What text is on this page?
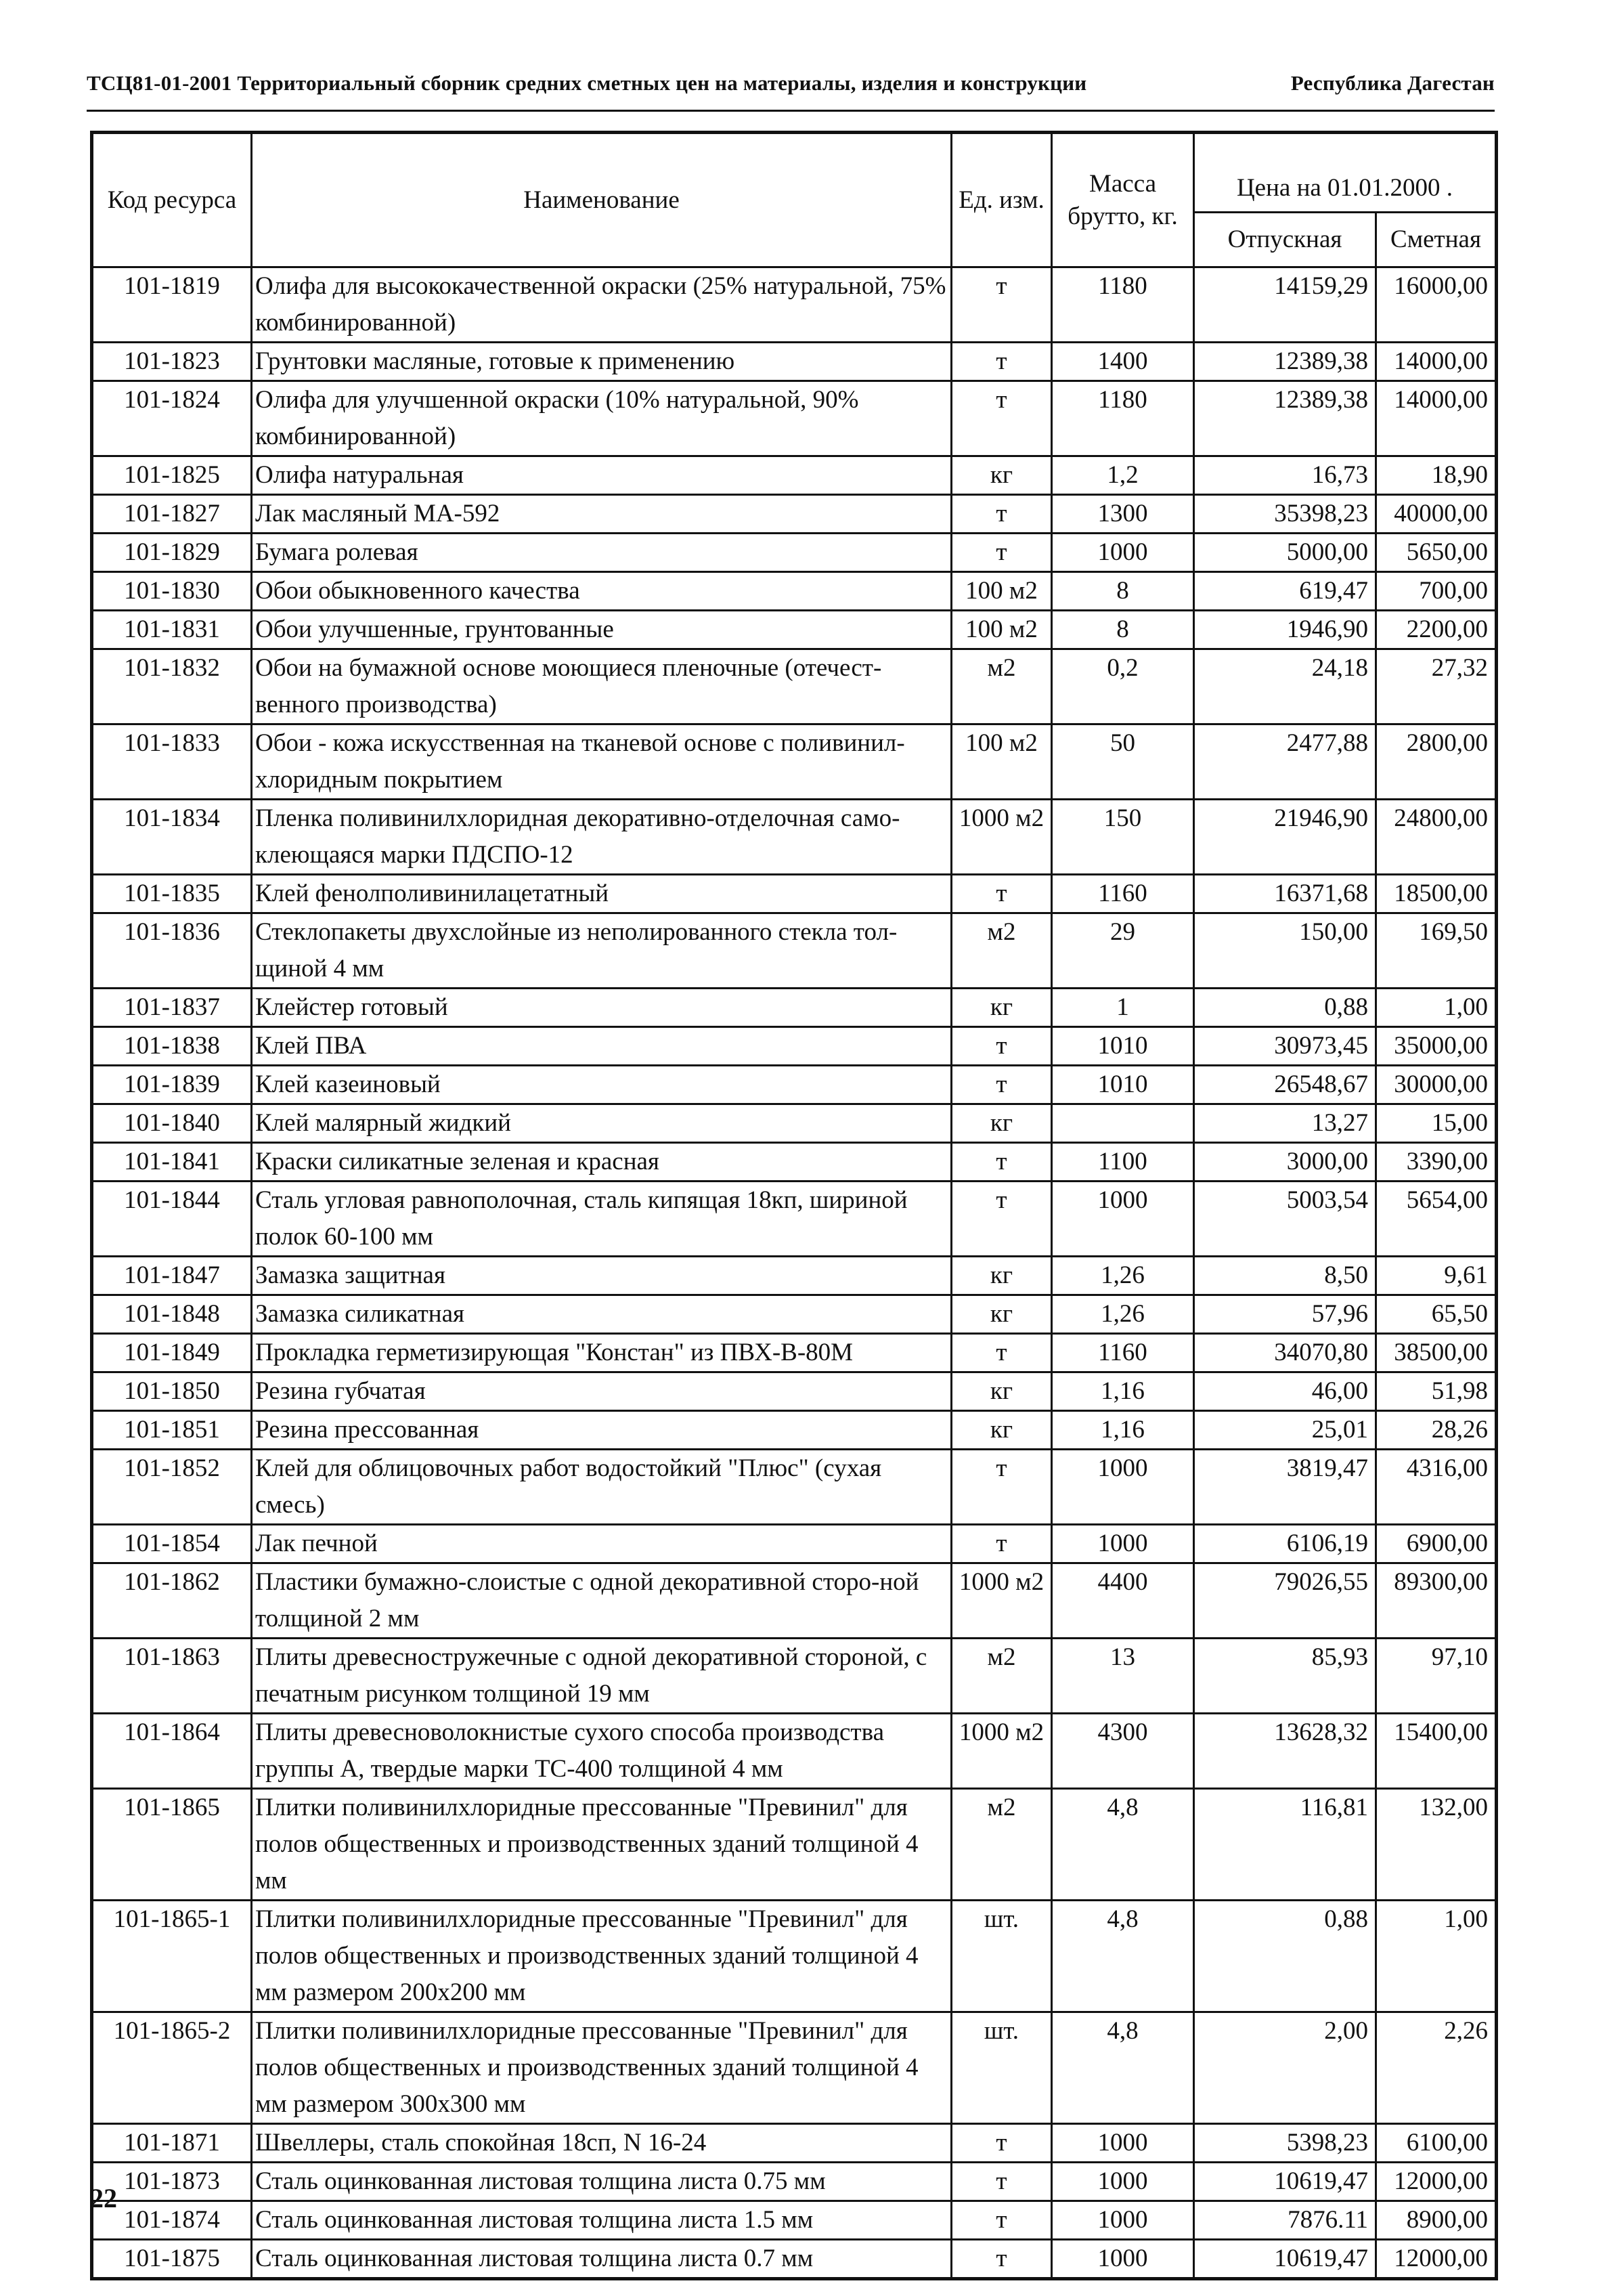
ТСЦ81-01-2001 Территориальный сборник средних сметных цен на материалы, изделия и конструкции	Республика Дагестан
Код ресурса	Наименование	Ед. изм.	Масса брутто, кг.	Цена на 01.01.2000 .	
				Отпускная	Сметная
101-1819	Олифа для высококачественной окраски (25% натуральной, 75% комбинированной)	т	1180	14159,29	16000,00
101-1823	Грунтовки масляные, готовые к применению	т	1400	12389,38	14000,00
101-1824	Олифа для улучшенной окраски (10% натуральной, 90% комбинированной)	т	1180	12389,38	14000,00
101-1825	Олифа натуральная	кг	1,2	16,73	18,90
101-1827	Лак масляный МА-592	т	1300	35398,23	40000,00
101-1829	Бумага ролевая	т	1000	5000,00	5650,00
101-1830	Обои обыкновенного качества	100 м2	8	619,47	700,00
101-1831	Обои улучшенные, грунтованные	100 м2	8	1946,90	2200,00
101-1832	Обои на бумажной основе моющиеся пленочные (отечест-венного производства)	м2	0,2	24,18	27,32
101-1833	Обои - кожа искусственная на тканевой основе с поливинил-хлоридным покрытием	100 м2	50	2477,88	2800,00
101-1834	Пленка поливинилхлоридная декоративно-отделочная само-клеющаяся марки ПДСПО-12	1000 м2	150	21946,90	24800,00
101-1835	Клей фенолполивинилацетатный	т	1160	16371,68	18500,00
101-1836	Стеклопакеты двухслойные из неполированного стекла тол-щиной 4 мм	м2	29	150,00	169,50
101-1837	Клейстер готовый	кг	1	0,88	1,00
101-1838	Клей ПВА	т	1010	30973,45	35000,00
101-1839	Клей казеиновый	т	1010	26548,67	30000,00
101-1840	Клей малярный жидкий	кг		13,27	15,00
101-1841	Краски силикатные зеленая и красная	т	1100	3000,00	3390,00
101-1844	Сталь угловая равнополочная, сталь кипящая 18кп, шириной полок 60-100 мм	т	1000	5003,54	5654,00
101-1847	Замазка защитная	кг	1,26	8,50	9,61
101-1848	Замазка силикатная	кг	1,26	57,96	65,50
101-1849	Прокладка герметизирующая "Констан" из ПВХ-В-80М	т	1160	34070,80	38500,00
101-1850	Резина губчатая	кг	1,16	46,00	51,98
101-1851	Резина прессованная	кг	1,16	25,01	28,26
101-1852	Клей для облицовочных работ водостойкий "Плюс" (сухая смесь)	т	1000	3819,47	4316,00
101-1854	Лак печной	т	1000	6106,19	6900,00
101-1862	Пластики бумажно-слоистые с одной декоративной сторо-ной толщиной 2 мм	1000 м2	4400	79026,55	89300,00
101-1863	Плиты древесностружечные с одной декоративной стороной, с печатным рисунком толщиной 19 мм	м2	13	85,93	97,10
101-1864	Плиты древесноволокнистые сухого способа производства группы А, твердые марки ТС-400 толщиной 4 мм	1000 м2	4300	13628,32	15400,00
101-1865	Плитки поливинилхлоридные прессованные "Превинил" для полов общественных и производственных зданий толщиной 4 мм	м2	4,8	116,81	132,00
101-1865-1	Плитки поливинилхлоридные прессованные "Превинил" для полов общественных и производственных зданий толщиной 4 мм размером 200х200 мм	шт.	4,8	0,88	1,00
101-1865-2	Плитки поливинилхлоридные прессованные "Превинил" для полов общественных и производственных зданий толщиной 4 мм размером 300х300 мм	шт.	4,8	2,00	2,26
101-1871	Швеллеры, сталь спокойная 18сп, N 16-24	т	1000	5398,23	6100,00
101-1873	Сталь оцинкованная листовая толщина листа 0.75 мм	т	1000	10619,47	12000,00
101-1874	Сталь оцинкованная листовая толщина листа 1.5 мм	т	1000	7876.11	8900,00
101-1875	Сталь оцинкованная листовая толщина листа 0.7 мм	т	1000	10619,47	12000,00
22
